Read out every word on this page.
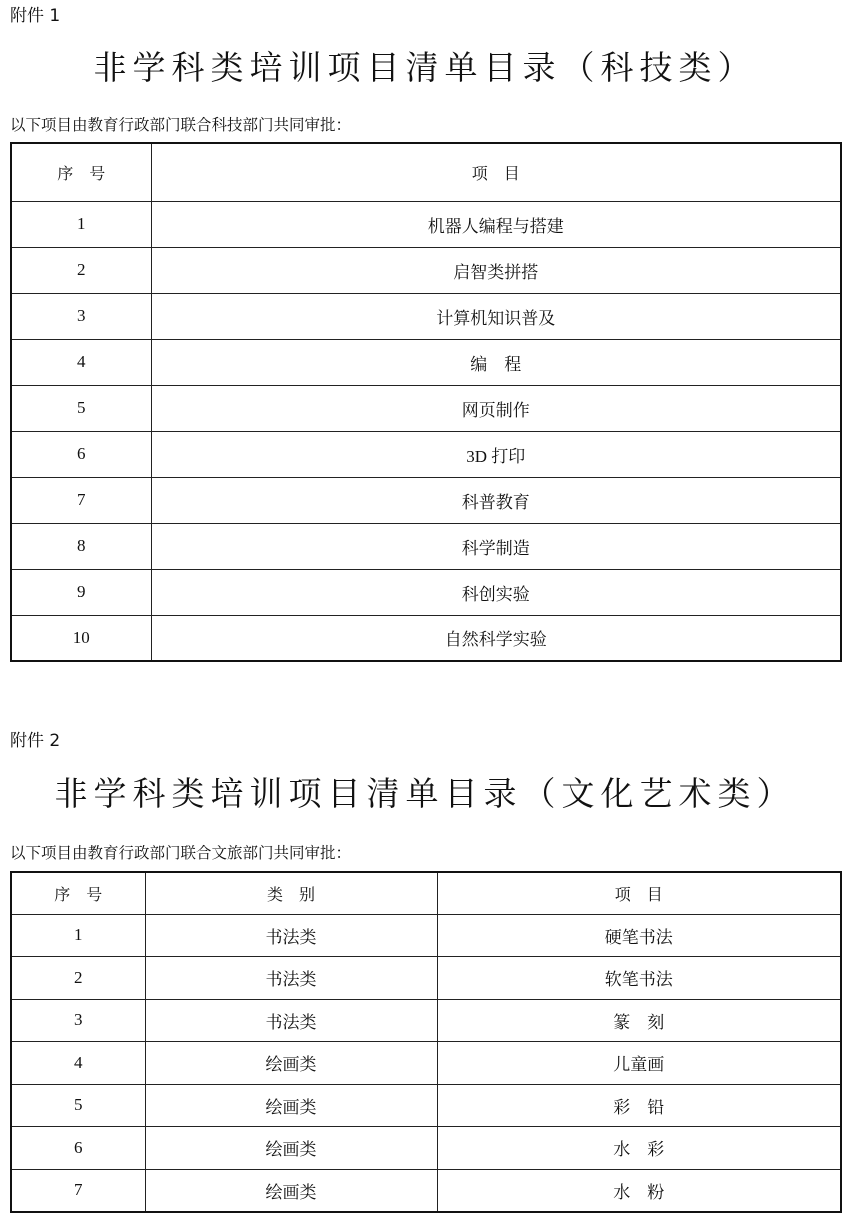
附件 1
非学科类培训项目清单目录（科技类）
以下项目由教育行政部门联合科技部门共同审批：
序　号	项　目
1	机器人编程与搭建
2	启智类拼搭
3	计算机知识普及
4	编　程
5	网页制作
6	3D 打印
7	科普教育
8	科学制造
9	科创实验
10	自然科学实验
附件 2
非学科类培训项目清单目录（文化艺术类）
以下项目由教育行政部门联合文旅部门共同审批：
序　号	类　别	项　目
1	书法类	硬笔书法
2	书法类	软笔书法
3	书法类	篆　刻
4	绘画类	儿童画
5	绘画类	彩　铅
6	绘画类	水　彩
7	绘画类	水　粉
